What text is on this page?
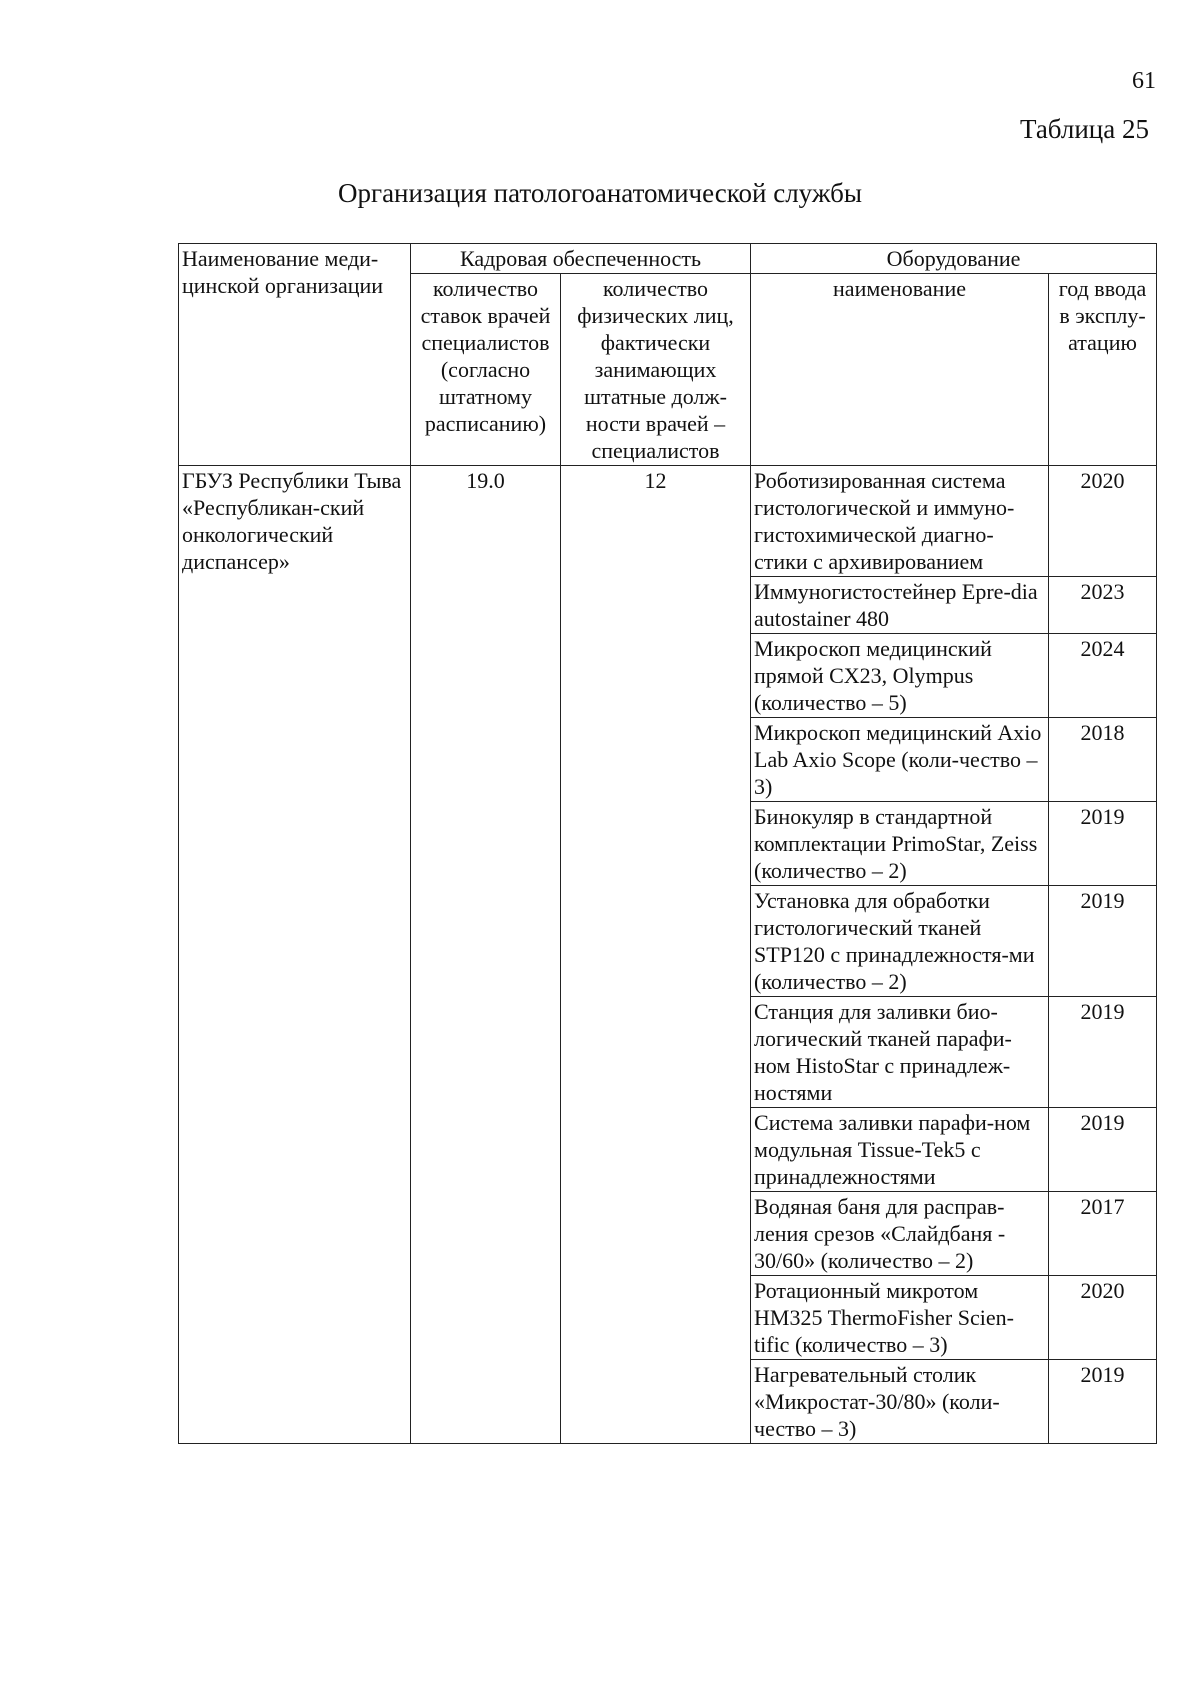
61
Таблица 25
Организация патологоанатомической службы
Наименование меди-цинской организации	Кадровая обеспеченность		Оборудование	
	количество ставок врачей специалистов (согласно штатному расписанию)	количество физических лиц, фактически занимающих штатные долж-ности врачей – специалистов	наименование	год ввода в эксплу-атацию
ГБУЗ Республики Тыва «Республикан-ский онкологический диспансер»	19.0	12	Роботизированная система гистологической и иммуно-гистохимической диагно-стики с архивированием	2020
			Иммуногистостейнер Epre-dia autostainer 480	2023
			Микроскоп медицинский прямой CX23, Olympus (количество – 5)	2024
			Микроскоп медицинский Axio Lab Axio Scope (коли-чество – 3)	2018
			Бинокуляр в стандартной комплектации PrimoStar, Zeiss (количество – 2)	2019
			Установка для обработки гистологический тканей STP120 с принадлежностя-ми (количество – 2)	2019
			Станция для заливки био-логический тканей парафи-ном HistoStar с принадлеж-ностями	2019
			Система заливки парафи-ном модульная Tissue-Tek5 с принадлежностями	2019
			Водяная баня для расправ-ления срезов «Слайдбаня - 30/60» (количество – 2)	2017
			Ротационный микротом HM325 ThermoFisher Scien-tific (количество – 3)	2020
			Нагревательный столик «Микростат-30/80» (коли-чество – 3)	2019
